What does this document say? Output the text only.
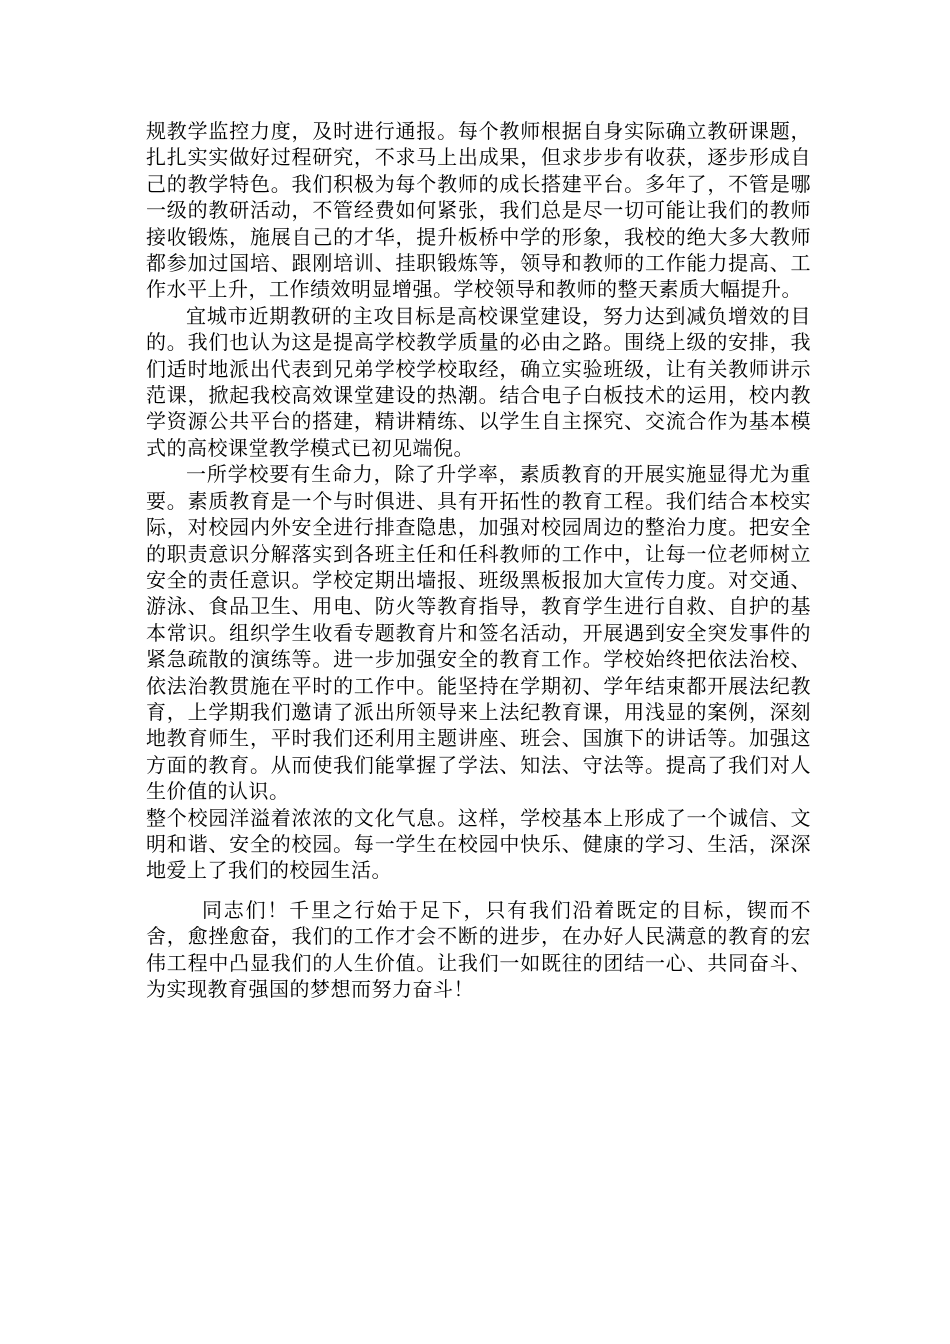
规教学监控力度，及时进行通报。每个教师根据自身实际确立教研课题，扎扎实实做好过程研究，不求马上出成果，但求步步有收获，逐步形成自己的教学特色。我们积极为每个教师的成长搭建平台。多年了，不管是哪一级的教研活动，不管经费如何紧张，我们总是尽一切可能让我们的教师接收锻炼，施展自己的才华，提升板桥中学的形象，我校的绝大多大教师都参加过国培、跟刚培训、挂职锻炼等，领导和教师的工作能力提高、工作水平上升，工作绩效明显增强。学校领导和教师的整天素质大幅提升。

宜城市近期教研的主攻目标是高校课堂建设，努力达到减负增效的目的。我们也认为这是提高学校教学质量的必由之路。围绕上级的安排，我们适时地派出代表到兄弟学校学校取经，确立实验班级，让有关教师讲示范课，掀起我校高效课堂建设的热潮。结合电子白板技术的运用，校内教学资源公共平台的搭建，精讲精练、以学生自主探究、交流合作为基本模式的高校课堂教学模式已初见端倪。

一所学校要有生命力，除了升学率，素质教育的开展实施显得尤为重要。素质教育是一个与时俱进、具有开拓性的教育工程。我们结合本校实际，对校园内外安全进行排查隐患，加强对校园周边的整治力度。把安全的职责意识分解落实到各班主任和任科教师的工作中，让每一位老师树立安全的责任意识。学校定期出墙报、班级黑板报加大宣传力度。对交通、游泳、食品卫生、用电、防火等教育指导，教育学生进行自救、自护的基本常识。组织学生收看专题教育片和签名活动，开展遇到安全突发事件的紧急疏散的演练等。进一步加强安全的教育工作。学校始终把依法治校、依法治教贯施在平时的工作中。能坚持在学期初、学年结束都开展法纪教育，上学期我们邀请了派出所领导来上法纪教育课，用浅显的案例，深刻地教育师生，平时我们还利用主题讲座、班会、国旗下的讲话等。加强这方面的教育。从而使我们能掌握了学法、知法、守法等。提高了我们对人生价值的认识。

整个校园洋溢着浓浓的文化气息。这样，学校基本上形成了一个诚信、文明和谐、安全的校园。每一学生在校园中快乐、健康的学习、生活，深深地爱上了我们的校园生活。

同志们！千里之行始于足下，只有我们沿着既定的目标，锲而不舍，愈挫愈奋，我们的工作才会不断的进步，在办好人民满意的教育的宏伟工程中凸显我们的人生价值。让我们一如既往的团结一心、共同奋斗、为实现教育强国的梦想而努力奋斗！
